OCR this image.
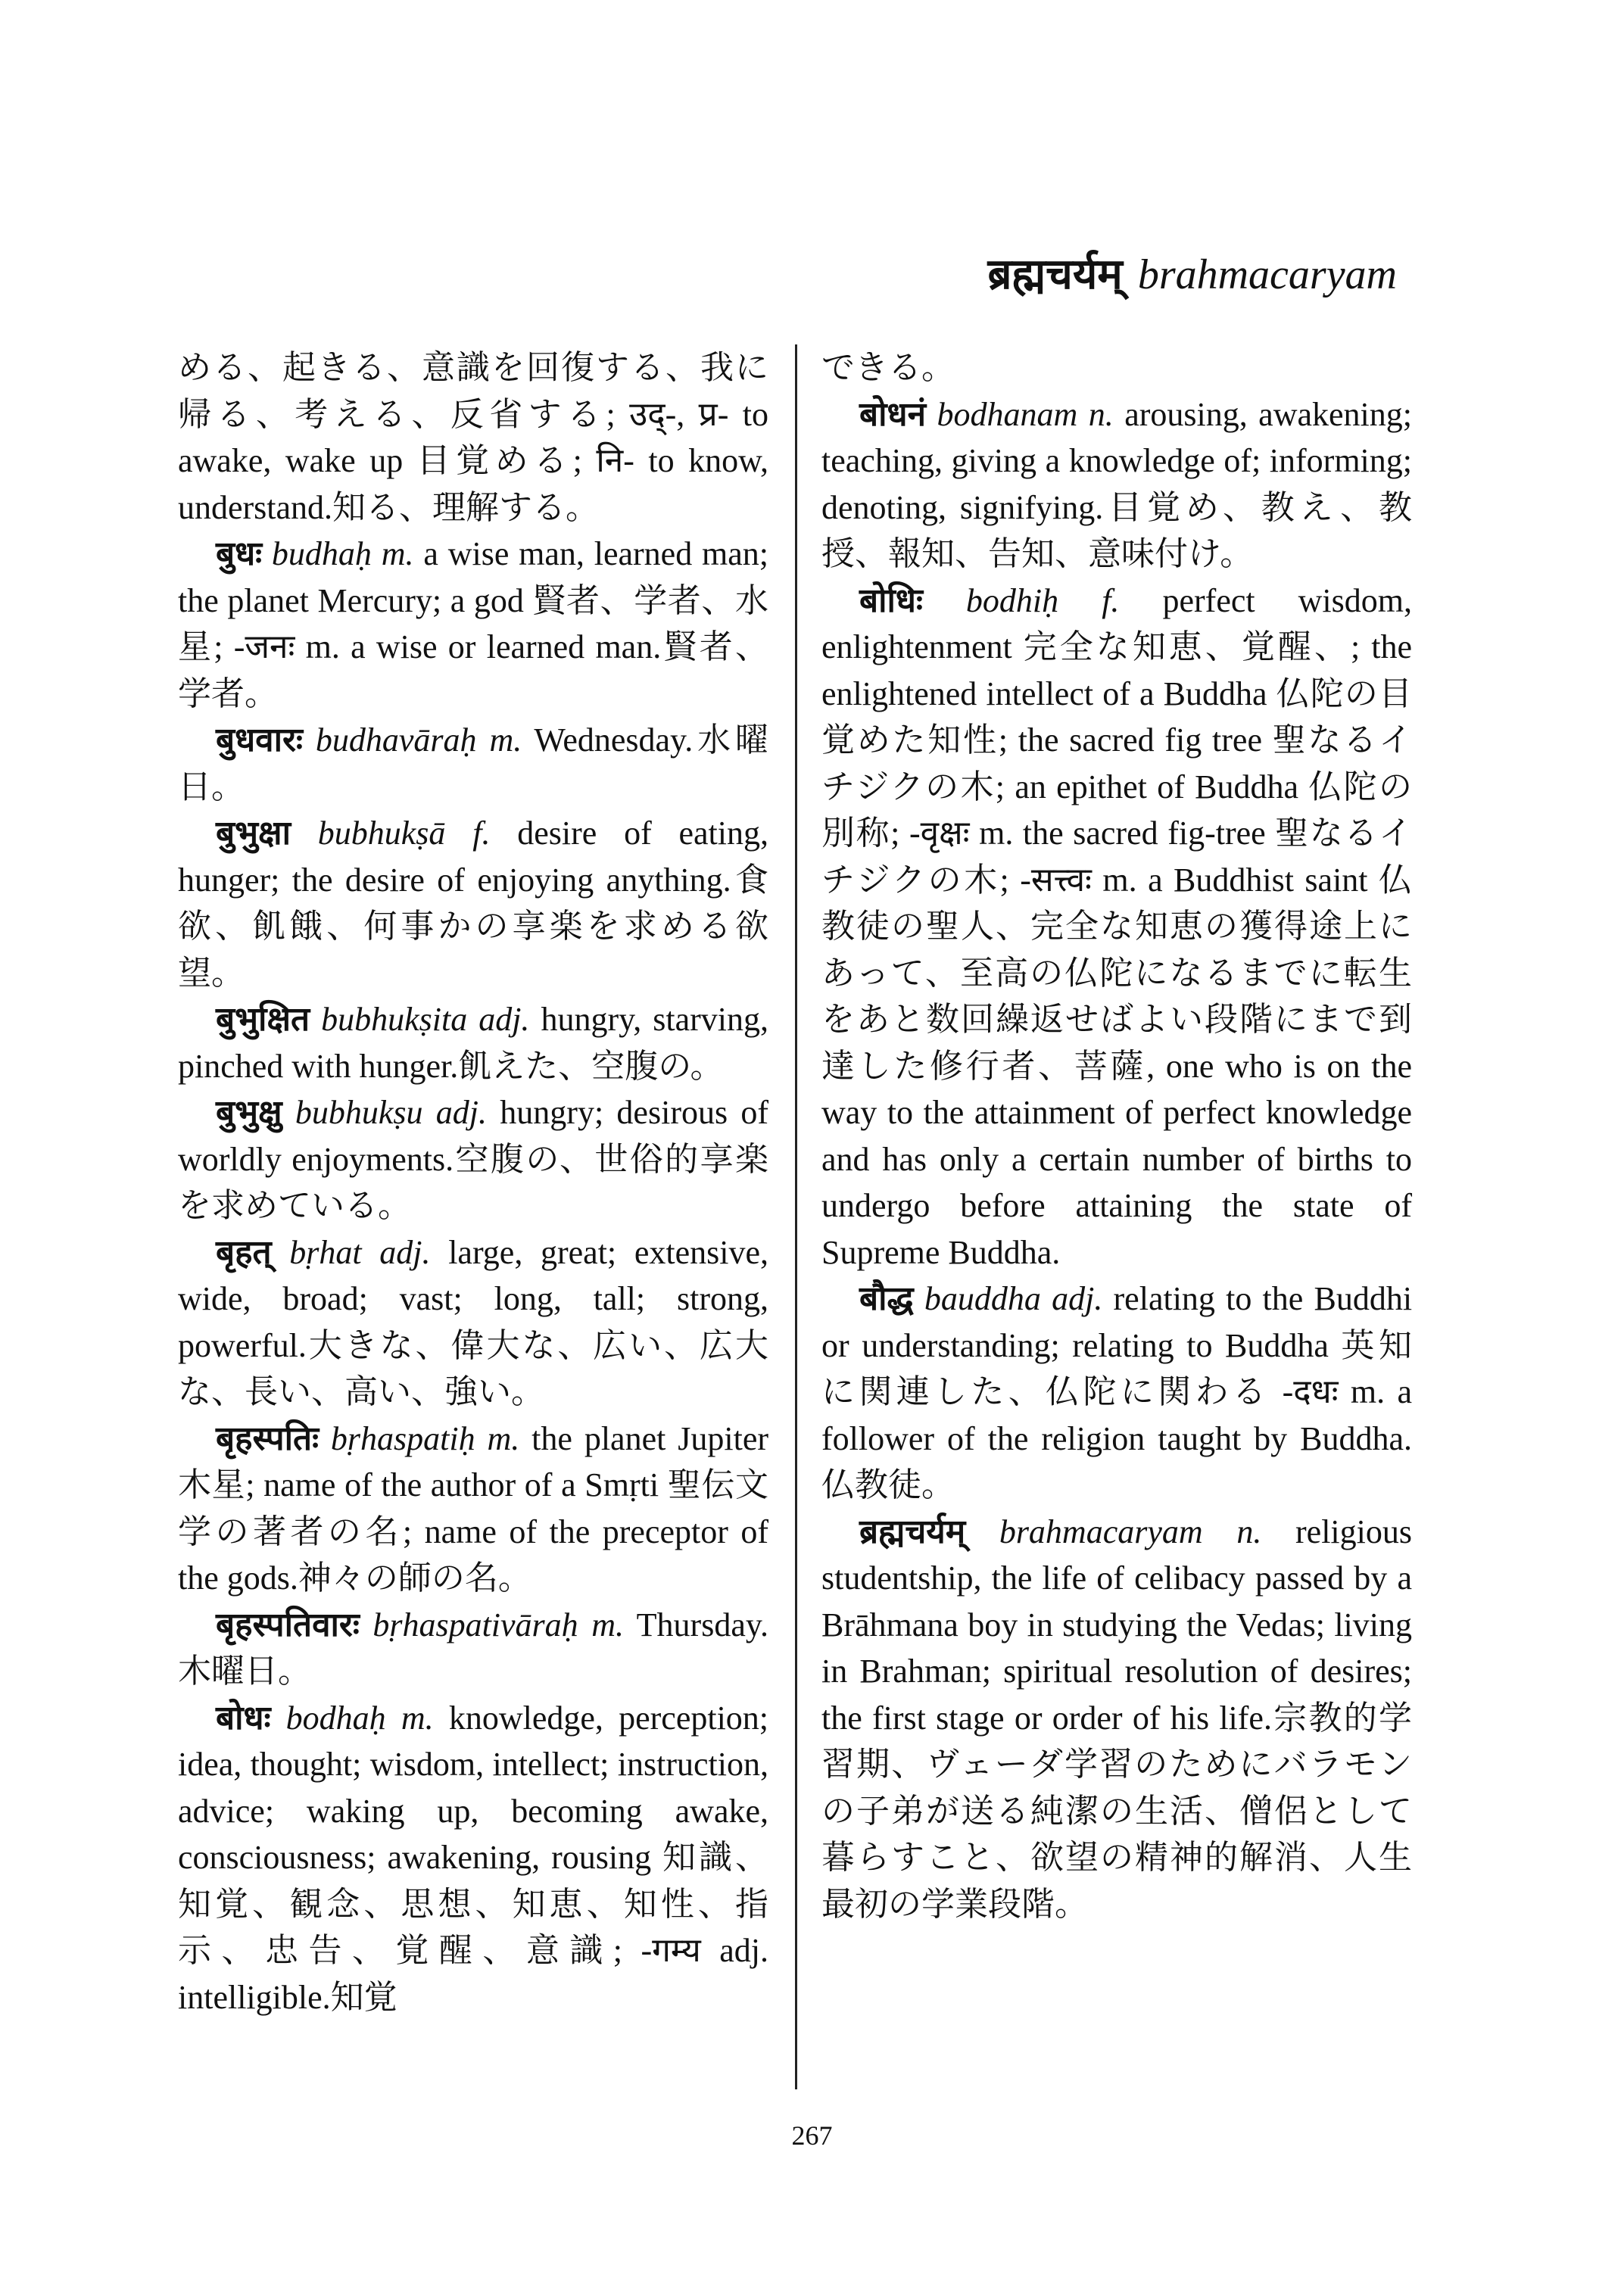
ब्रह्मचर्यम् brahmacaryam

める、起きる、意識を回復する、我に帰る、考える、反省する; उद्-, प्र- to awake, wake up 目覚める; नि- to know, understand.知る、理解する。

बुधः budhaḥ m. a wise man, learned man; the planet Mercury; a god 賢者、学者、水星; -जनः m. a wise or learned man.賢者、学者。

बुधवारः budhavāraḥ m. Wednesday.水曜日。

बुभुक्षा bubhukṣā f. desire of eating, hunger; the desire of enjoying anything.食欲、飢餓、何事かの享楽を求める欲望。

बुभुक्षित bubhukṣita adj. hungry, starving, pinched with hunger.飢えた、空腹の。

बुभुक्षु bubhukṣu adj. hungry; desirous of worldly enjoyments.空腹の、世俗的享楽を求めている。

बृहत् bṛhat adj. large, great; extensive, wide, broad; vast; long, tall; strong, powerful.大きな、偉大な、広い、広大な、長い、高い、強い。

बृहस्पतिः bṛhaspatiḥ m. the planet Jupiter 木星; name of the author of a Smṛti 聖伝文学の著者の名; name of the preceptor of the gods.神々の師の名。

बृहस्पतिवारः bṛhaspativāraḥ m. Thursday.木曜日。

बोधः bodhaḥ m. knowledge, perception; idea, thought; wisdom, intellect; instruction, advice; waking up, becoming awake, consciousness; awakening, rousing 知識、知覚、観念、思想、知恵、知性、指示、忠告、覚醒、意識; -गम्य adj. intelligible.知覚

できる。

बोधनं bodhanam n. arousing, awakening; teaching, giving a knowledge of; informing; denoting, signifying.目覚め、教え、教授、報知、告知、意味付け。

बोधिः bodhiḥ f. perfect wisdom, enlightenment 完全な知恵、覚醒、; the enlightened intellect of a Buddha 仏陀の目覚めた知性; the sacred fig tree 聖なるイチジクの木; an epithet of Buddha 仏陀の別称; -वृक्षः m. the sacred fig-tree 聖なるイチジクの木; -सत्त्वः m. a Buddhist saint 仏教徒の聖人、完全な知恵の獲得途上にあって、至高の仏陀になるまでに転生をあと数回繰返せばよい段階にまで到達した修行者、菩薩, one who is on the way to the attainment of perfect knowledge and has only a certain number of births to undergo before attaining the state of Supreme Buddha.

बौद्ध bauddha adj. relating to the Buddhi or understanding; relating to Buddha 英知に関連した、仏陀に関わる -दधः m. a follower of the religion taught by Buddha.仏教徒。

ब्रह्मचर्यम् brahmacaryam n. religious studentship, the life of celibacy passed by a Brāhmana boy in studying the Vedas; living in Brahman; spiritual resolution of desires; the first stage or order of his life.宗教的学習期、ヴェーダ学習のためにバラモンの子弟が送る純潔の生活、僧侶として暮らすこと、欲望の精神的解消、人生最初の学業段階。

267
